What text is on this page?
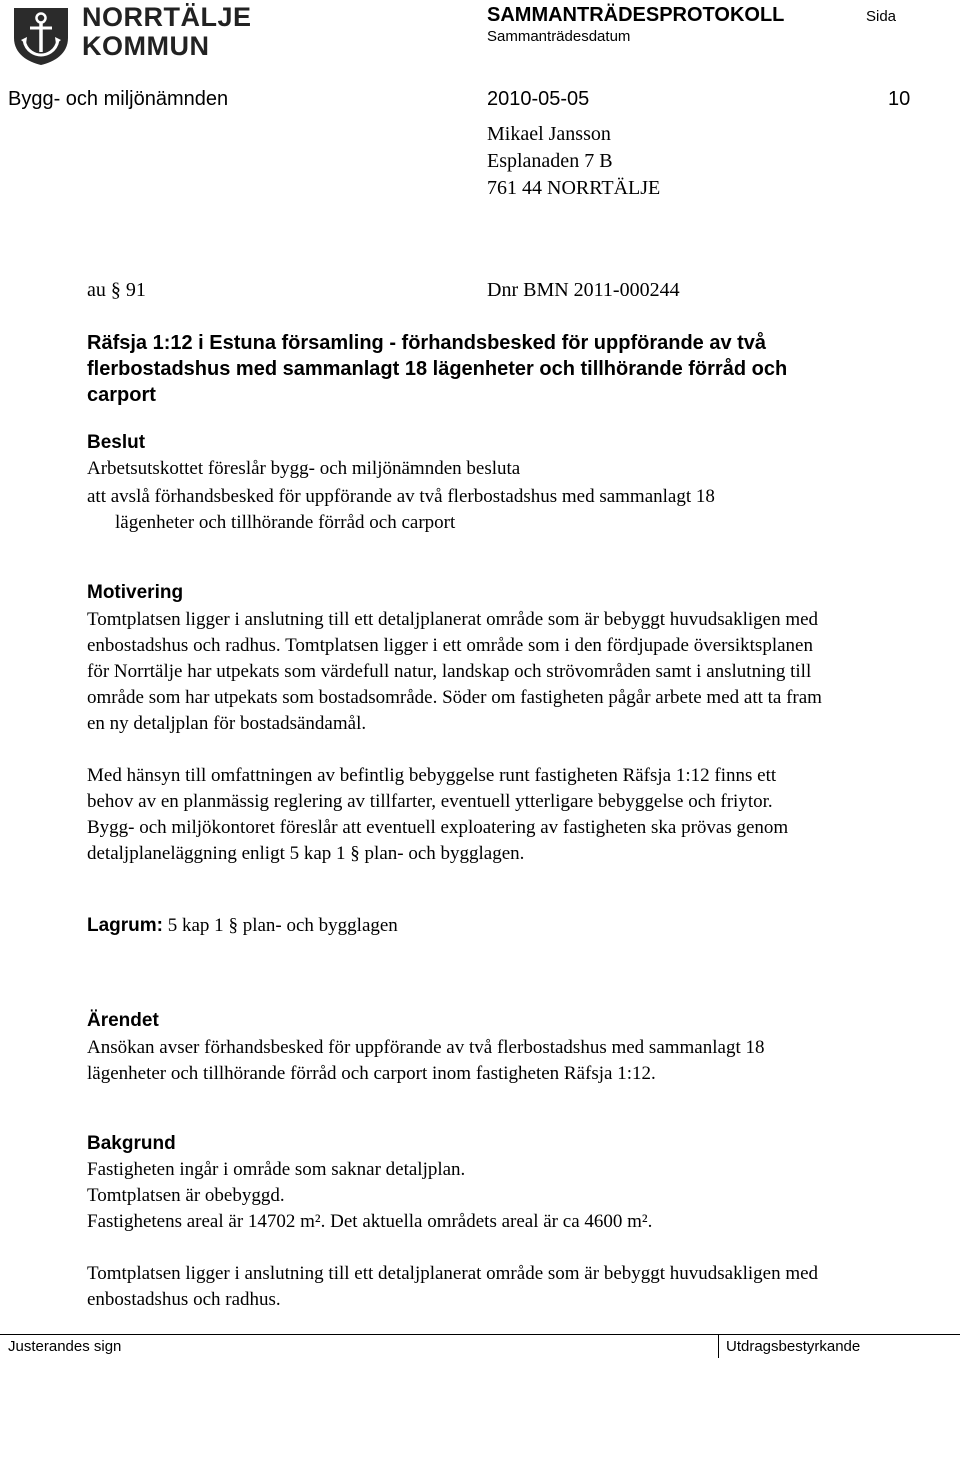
NORRTÄLJE
KOMMUN
SAMMANTRÄDESPROTOKOLL	Sida
Sammanträdesdatum
Bygg- och miljönämnden	2010-05-05	10
Mikael Jansson
Esplanaden 7 B
761 44 NORRTÄLJE
au § 91	Dnr BMN 2011-000244
Räfsja 1:12 i Estuna församling - förhandsbesked för uppförande av två
flerbostadshus med sammanlagt 18 lägenheter och tillhörande förråd och
carport
Beslut
Arbetsutskottet föreslår bygg- och miljönämnden besluta
att avslå förhandsbesked för uppförande av två flerbostadshus med sammanlagt 18
lägenheter och tillhörande förråd och carport
Motivering
Tomtplatsen ligger i anslutning till ett detaljplanerat område som är bebyggt huvudsakligen med
enbostadshus och radhus. Tomtplatsen ligger i ett område som i den fördjupade översiktsplanen
för Norrtälje har utpekats som värdefull natur, landskap och strövområden samt i anslutning till
område som har utpekats som bostadsområde. Söder om fastigheten pågår arbete med att ta fram
en ny detaljplan för bostadsändamål.
Med hänsyn till omfattningen av befintlig bebyggelse runt fastigheten Räfsja 1:12 finns ett
behov av en planmässig reglering av tillfarter, eventuell ytterligare bebyggelse och friytor.
Bygg- och miljökontoret föreslår att eventuell exploatering av fastigheten ska prövas genom
detaljplaneläggning enligt 5 kap 1 § plan- och bygglagen.
Lagrum: 5 kap 1 § plan- och bygglagen
Ärendet
Ansökan avser förhandsbesked för uppförande av två flerbostadshus med sammanlagt 18
lägenheter och tillhörande förråd och carport inom fastigheten Räfsja 1:12.
Bakgrund
Fastigheten ingår i område som saknar detaljplan.
Tomtplatsen är obebyggd.
Fastighetens areal är 14702 m². Det aktuella områdets areal är ca 4600 m².
Tomtplatsen ligger i anslutning till ett detaljplanerat område som är bebyggt huvudsakligen med
enbostadshus och radhus.
Justerandes sign	Utdragsbestyrkande
